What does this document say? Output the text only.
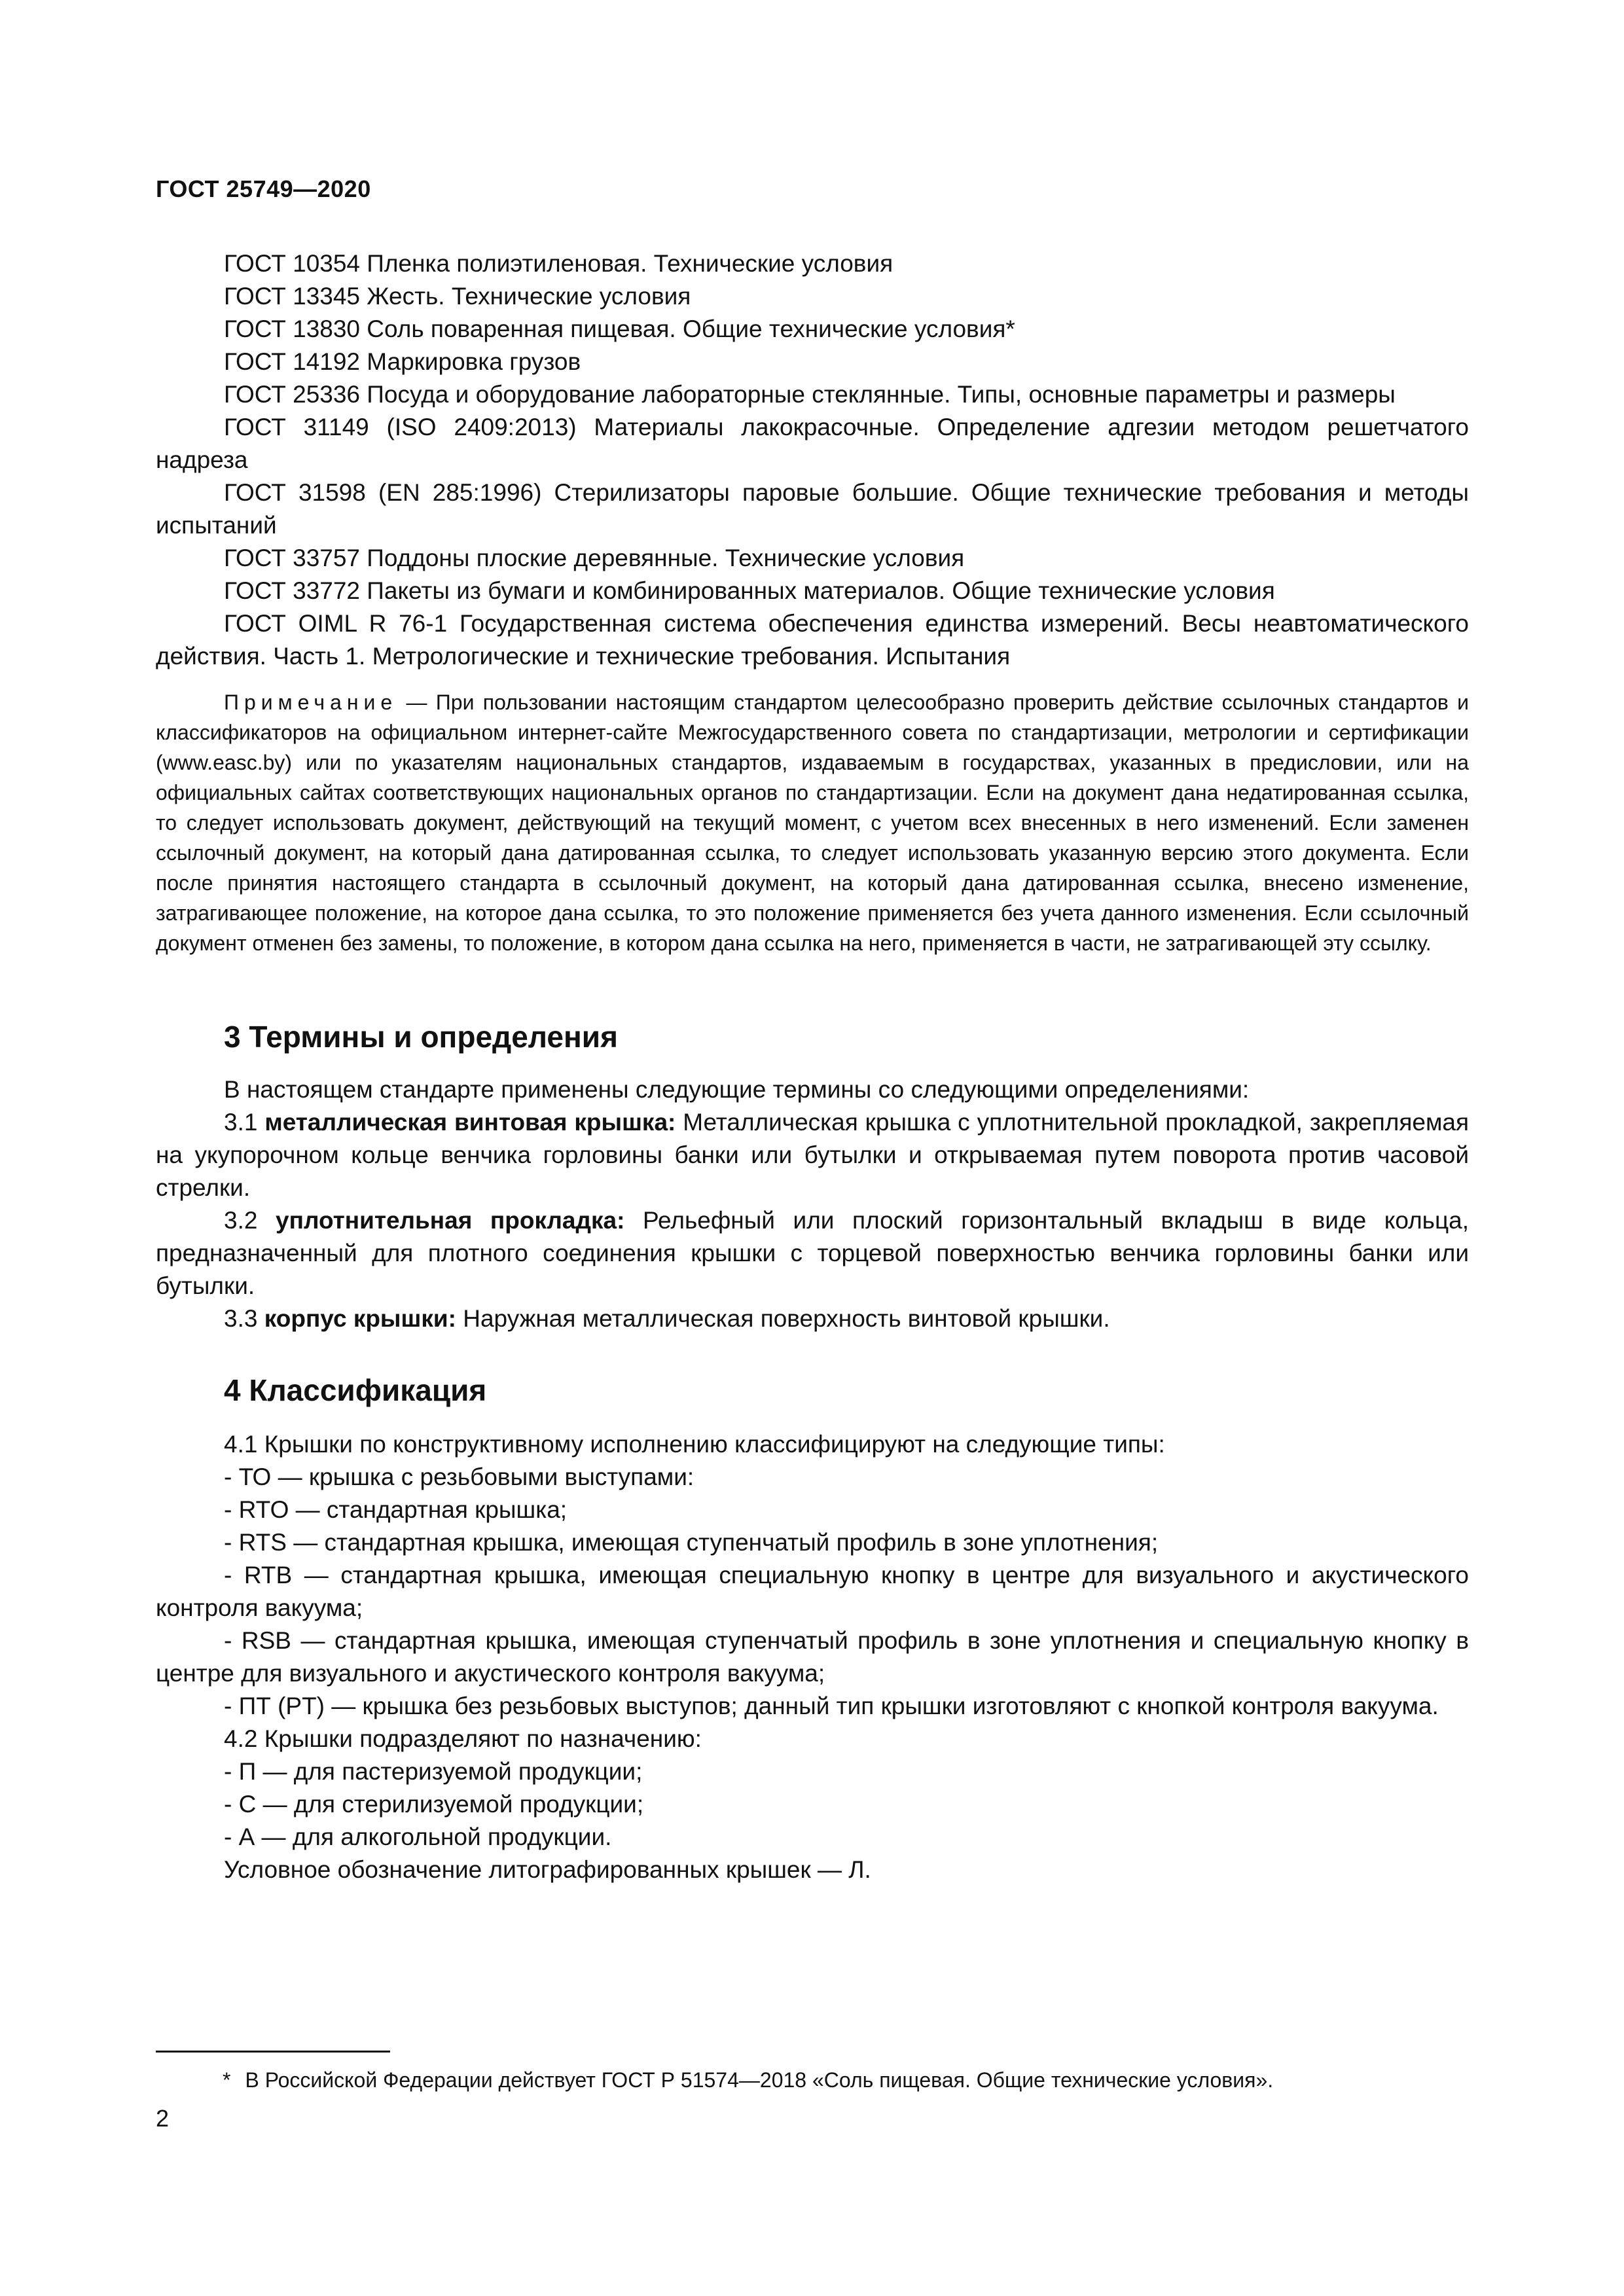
ГОСТ 25749—2020

ГОСТ 10354 Пленка полиэтиленовая. Технические условия

ГОСТ 13345 Жесть. Технические условия

ГОСТ 13830 Соль поваренная пищевая. Общие технические условия*

ГОСТ 14192 Маркировка грузов

ГОСТ 25336 Посуда и оборудование лабораторные стеклянные. Типы, основные параметры и размеры

ГОСТ 31149 (ISO 2409:2013) Материалы лакокрасочные. Определение адгезии методом решетчатого надреза

ГОСТ 31598 (EN 285:1996) Стерилизаторы паровые большие. Общие технические требования и методы испытаний

ГОСТ 33757 Поддоны плоские деревянные. Технические условия

ГОСТ 33772 Пакеты из бумаги и комбинированных материалов. Общие технические условия

ГОСТ OIML R 76-1 Государственная система обеспечения единства измерений. Весы неавтоматического действия. Часть 1. Метрологические и технические требования. Испытания

Примечание — При пользовании настоящим стандартом целесообразно проверить действие ссылочных стандартов и классификаторов на официальном интернет-сайте Межгосударственного совета по стандартизации, метрологии и сертификации (www.easc.by) или по указателям национальных стандартов, издаваемым в государствах, указанных в предисловии, или на официальных сайтах соответствующих национальных органов по стандартизации. Если на документ дана недатированная ссылка, то следует использовать документ, действующий на текущий момент, с учетом всех внесенных в него изменений. Если заменен ссылочный документ, на который дана датированная ссылка, то следует использовать указанную версию этого документа. Если после принятия настоящего стандарта в ссылочный документ, на который дана датированная ссылка, внесено изменение, затрагивающее положение, на которое дана ссылка, то это положение применяется без учета данного изменения. Если ссылочный документ отменен без замены, то положение, в котором дана ссылка на него, применяется в части, не затрагивающей эту ссылку.

3 Термины и определения

В настоящем стандарте применены следующие термины со следующими определениями:

3.1 металлическая винтовая крышка: Металлическая крышка с уплотнительной прокладкой, закрепляемая на укупорочном кольце венчика горловины банки или бутылки и открываемая путем поворота против часовой стрелки.

3.2 уплотнительная прокладка: Рельефный или плоский горизонтальный вкладыш в виде кольца, предназначенный для плотного соединения крышки с торцевой поверхностью венчика горловины банки или бутылки.

3.3 корпус крышки: Наружная металлическая поверхность винтовой крышки.

4 Классификация

4.1 Крышки по конструктивному исполнению классифицируют на следующие типы:

- ТО — крышка с резьбовыми выступами:

- RTO — стандартная крышка;

- RTS — стандартная крышка, имеющая ступенчатый профиль в зоне уплотнения;

- RTB — стандартная крышка, имеющая специальную кнопку в центре для визуального и акустического контроля вакуума;

- RSB — стандартная крышка, имеющая ступенчатый профиль в зоне уплотнения и специальную кнопку в центре для визуального и акустического контроля вакуума;

- ПТ (PT) — крышка без резьбовых выступов; данный тип крышки изготовляют с кнопкой контроля вакуума.

4.2 Крышки подразделяют по назначению:

- П — для пастеризуемой продукции;

- С — для стерилизуемой продукции;

- А — для алкогольной продукции.

Условное обозначение литографированных крышек — Л.

* В Российской Федерации действует ГОСТ Р 51574—2018 «Соль пищевая. Общие технические условия».
2
